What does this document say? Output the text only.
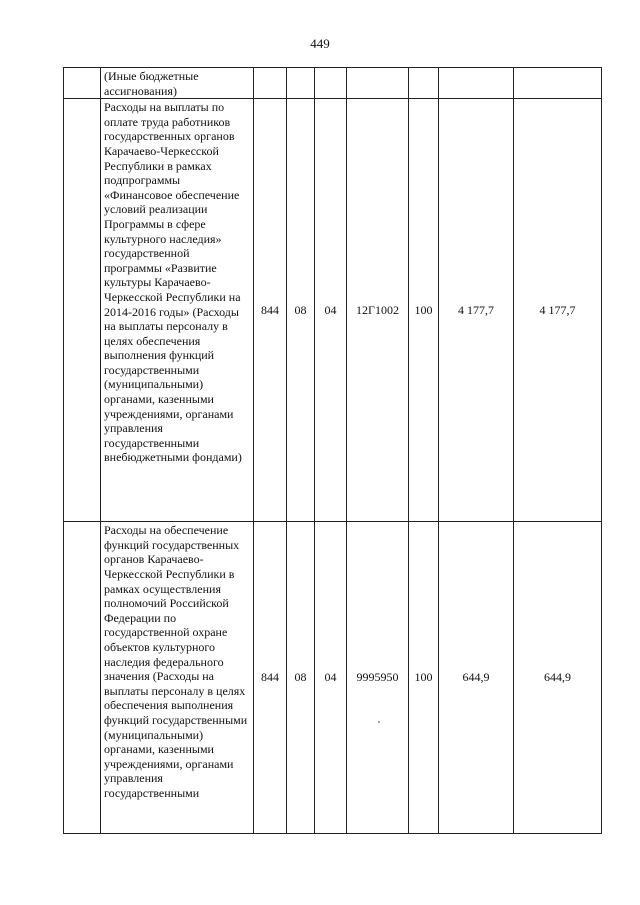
449
	(Иные бюджетные ассигнования)							
	Расходы на выплаты по оплате труда работников государственных органов Карачаево-Черкесской Республики в рамках подпрограммы «Финансовое обеспечение условий реализации Программы в сфере культурного наследия» государственной программы «Развитие культуры Карачаево-Черкесской Республики на 2014-2016 годы» (Расходы на выплаты персоналу в целях обеспечения выполнения функций государственными (муниципальными) органами, казенными учреждениями, органами управления государственными внебюджетными фондами)	844	08	04	12Г1002	100	4 177,7	4 177,7
	Расходы на обеспечение функций государственных органов Карачаево-Черкесской Республики в рамках осуществления полномочий Российской Федерации по государственной охране объектов культурного наследия федерального значения (Расходы на выплаты персоналу в целях обеспечения выполнения функций государственными (муниципальными) органами, казенными учреждениями, органами управления государственными	844	08	04	9995950	100	644,9	644,9
